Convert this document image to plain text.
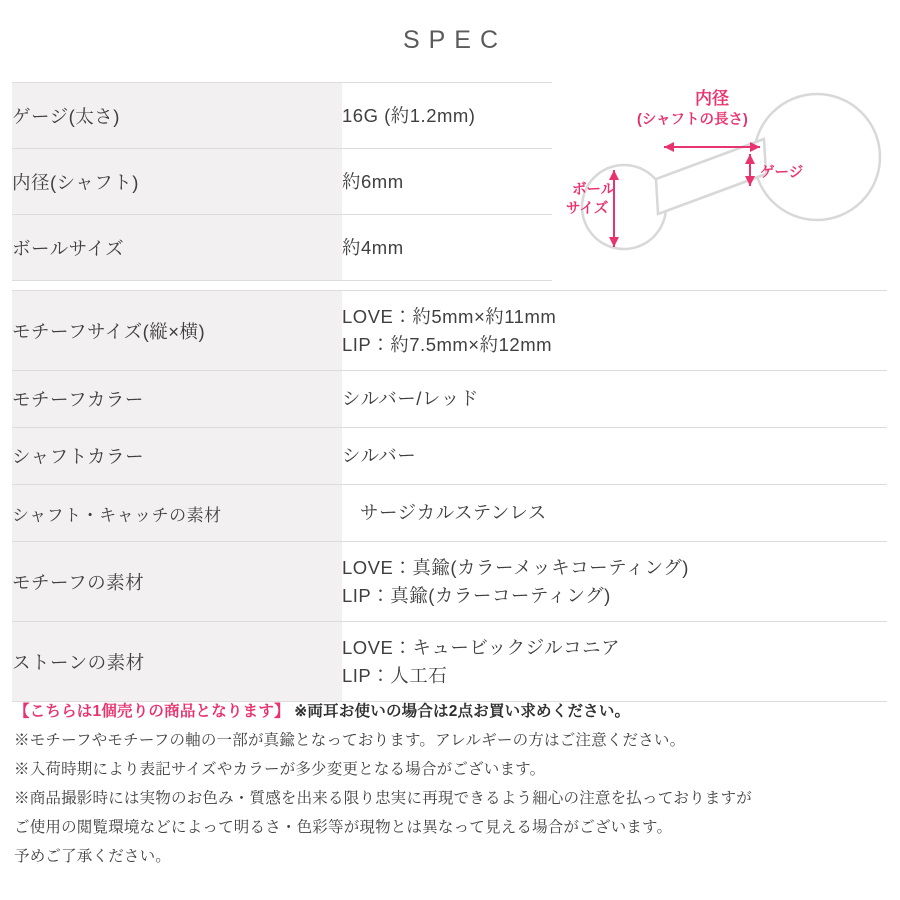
SPEC
ゲージ(太さ)	16G (約1.2mm)

内径(シャフト)	約6mm

ボールサイズ	約4mm
内径
(シャフトの長さ)
ゲージ
ボール
サイズ
モチーフサイズ(縦×横)	LOVE：約5mm×約11mm
LIP：約7.5mm×約12mm

モチーフカラー	シルバー/レッド

シャフトカラー	シルバー

シャフト・キャッチの素材	サージカルステンレス

モチーフの素材	LOVE：真鍮(カラーメッキコーティング)
LIP：真鍮(カラーコーティング)

ストーンの素材	LOVE：キュービックジルコニア
LIP：人工石

【こちらは1個売りの商品となります】 ※両耳お使いの場合は2点お買い求めください。

※モチーフやモチーフの軸の一部が真鍮となっております。アレルギーの方はご注意ください。

※入荷時期により表記サイズやカラーが多少変更となる場合がございます。

※商品撮影時には実物のお色み・質感を出来る限り忠実に再現できるよう細心の注意を払っておりますが

ご使用の閲覧環境などによって明るさ・色彩等が現物とは異なって見える場合がございます。

予めご了承ください。
